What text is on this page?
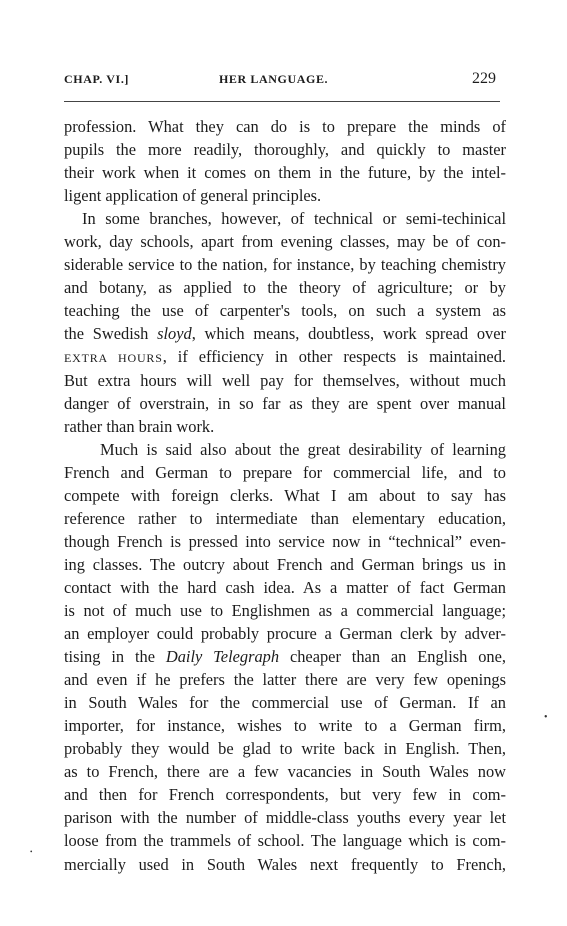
CHAP. VI.]	HER LANGUAGE.	229
profession. What they can do is to prepare the minds of
pupils the more readily, thoroughly, and quickly to master
their work when it comes on them in the future, by the intel-
ligent application of general principles.
In some branches, however, of technical or semi-techinical
work, day schools, apart from evening classes, may be of con-
siderable service to the nation, for instance, by teaching chemistry
and botany, as applied to the theory of agriculture; or by
teaching the use of carpenter's tools, on such a system as
the Swedish sloyd, which means, doubtless, work spread over
EXTRA HOURS, if efficiency in other respects is maintained.
But extra hours will well pay for themselves, without much
danger of overstrain, in so far as they are spent over manual
rather than brain work.
Much is said also about the great desirability of learning
French and German to prepare for commercial life, and to
compete with foreign clerks. What I am about to say has
reference rather to intermediate than elementary education,
though French is pressed into service now in “technical” even-
ing classes. The outcry about French and German brings us in
contact with the hard cash idea. As a matter of fact German
is not of much use to Englishmen as a commercial language;
an employer could probably procure a German clerk by adver-
tising in the Daily Telegraph cheaper than an English one,
and even if he prefers the latter there are very few openings
in South Wales for the commercial use of German. If an
importer, for instance, wishes to write to a German firm,
probably they would be glad to write back in English. Then,
as to French, there are a few vacancies in South Wales now
and then for French correspondents, but very few in com-
parison with the number of middle-class youths every year let
loose from the trammels of school. The language which is com-
mercially used in South Wales next frequently to French,
•
•
